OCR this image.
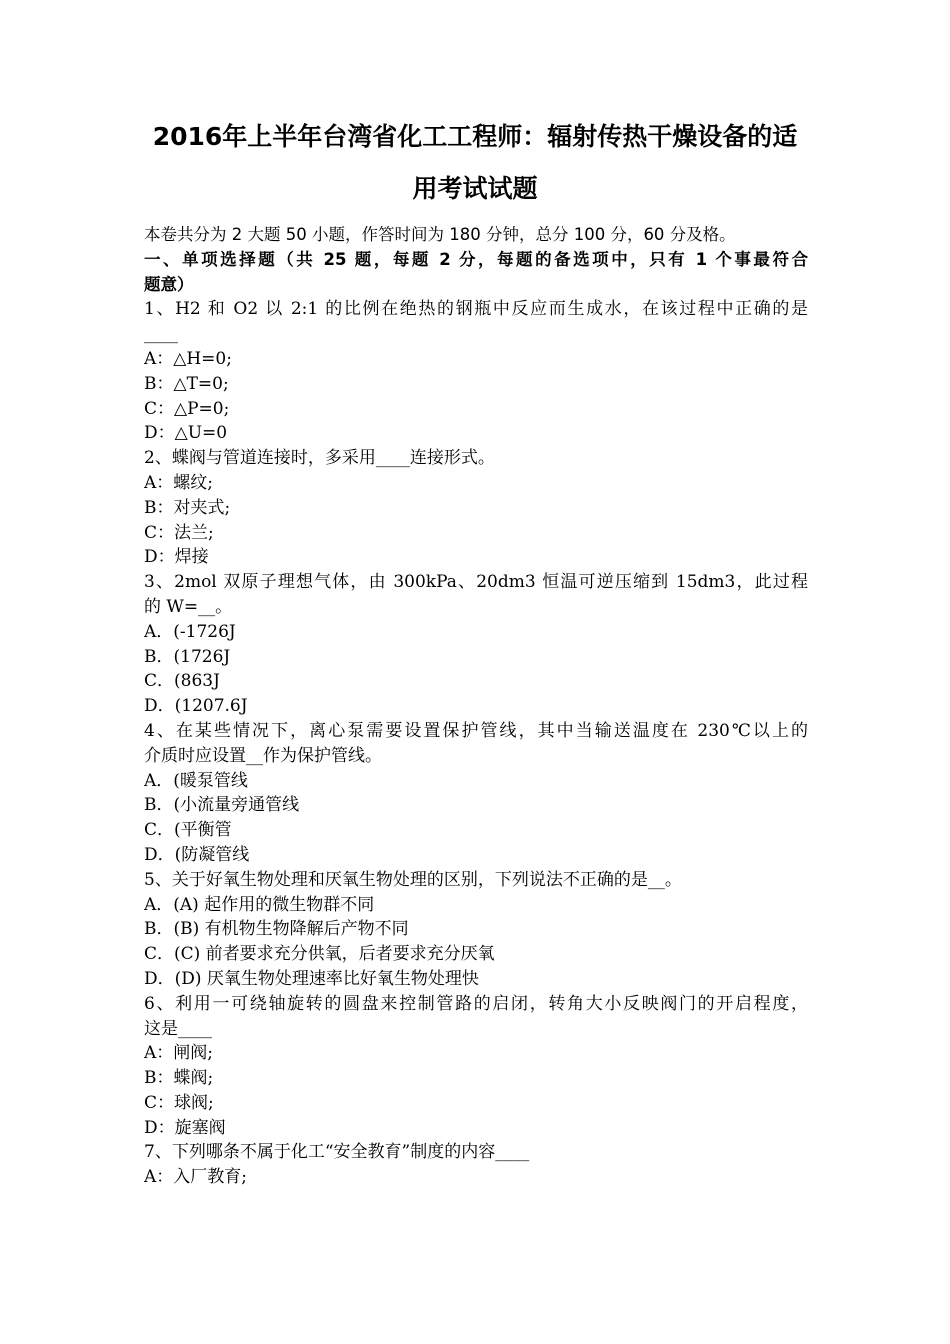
2016年上半年台湾省化工工程师：辐射传热干燥设备的适
用考试试题
本卷共分为 2 大题 50 小题，作答时间为 180 分钟，总分 100 分，60 分及格。
一、单项选择题（共 25 题，每题 2 分，每题的备选项中，只有 1 个事最符合
题意）
1、H2 和 O2 以 2:1 的比例在绝热的钢瓶中反应而生成水，在该过程中正确的是
____
A：△H=0;
B：△T=0;
C：△P=0;
D：△U=0
2、蝶阀与管道连接时，多采用____连接形式。
A：螺纹;
B：对夹式;
C：法兰;
D：焊接
3、2mol 双原子理想气体，由 300kPa、20dm3 恒温可逆压缩到 15dm3，此过程
的 W=__。
A．(-1726J
B．(1726J
C．(863J
D．(1207.6J
4、在某些情况下，离心泵需要设置保护管线，其中当输送温度在 230℃以上的
介质时应设置__作为保护管线。
A．(暖泵管线
B．(小流量旁通管线
C．(平衡管
D．(防凝管线
5、关于好氧生物处理和厌氧生物处理的区别，下列说法不正确的是__。
A．(A) 起作用的微生物群不同
B．(B) 有机物生物降解后产物不同
C．(C) 前者要求充分供氧，后者要求充分厌氧
D．(D) 厌氧生物处理速率比好氧生物处理快
6、利用一可绕轴旋转的圆盘来控制管路的启闭，转角大小反映阀门的开启程度，
这是____
A：闸阀;
B：蝶阀;
C：球阀;
D：旋塞阀
7、下列哪条不属于化工“安全教育”制度的内容____
A：入厂教育;
